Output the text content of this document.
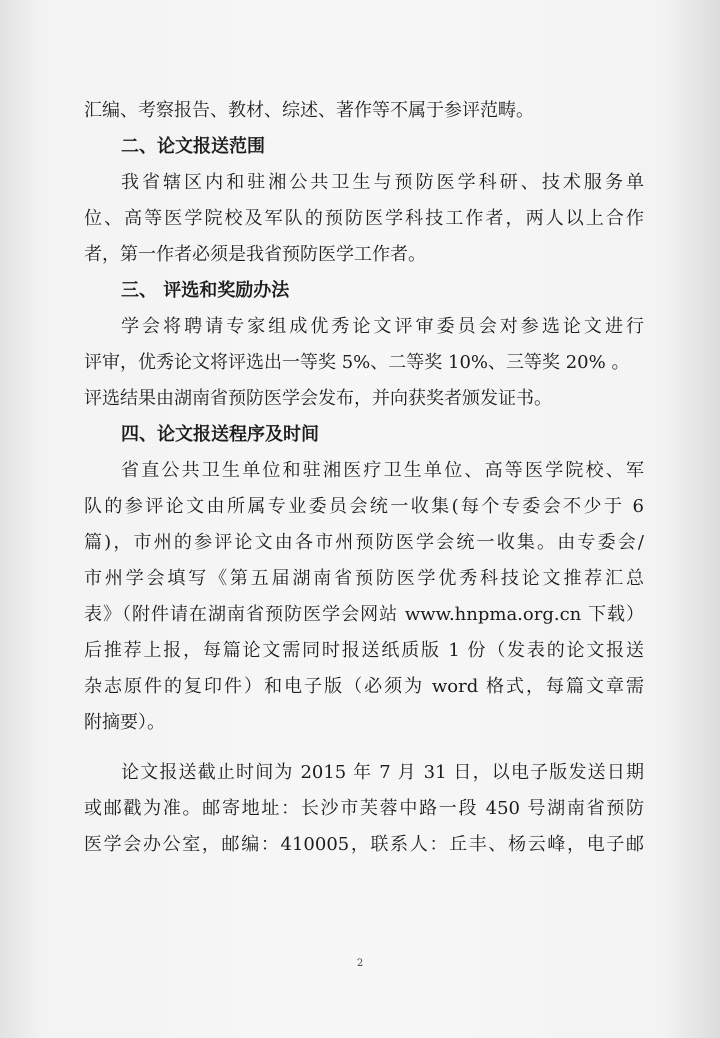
汇编、考察报告、教材、综述、著作等不属于参评范畴。
二、论文报送范围
我省辖区内和驻湘公共卫生与预防医学科研、技术服务单
位、高等医学院校及军队的预防医学科技工作者，两人以上合作
者，第一作者必须是我省预防医学工作者。
三、 评选和奖励办法
学会将聘请专家组成优秀论文评审委员会对参选论文进行
评审，优秀论文将评选出一等奖 5%、二等奖 10%、三等奖 20% 。
评选结果由湖南省预防医学会发布，并向获奖者颁发证书。
四、论文报送程序及时间
省直公共卫生单位和驻湘医疗卫生单位、高等医学院校、军
队的参评论文由所属专业委员会统一收集(每个专委会不少于 6
篇)，市州的参评论文由各市州预防医学会统一收集。由专委会/
市州学会填写《第五届湖南省预防医学优秀科技论文推荐汇总
表》（附件请在湖南省预防医学会网站 www.hnpma.org.cn 下载）
后推荐上报，每篇论文需同时报送纸质版 1 份（发表的论文报送
杂志原件的复印件）和电子版（必须为 word 格式，每篇文章需
附摘要）。
论文报送截止时间为 2015 年 7 月 31 日，以电子版发送日期
或邮戳为准。邮寄地址：长沙市芙蓉中路一段 450 号湖南省预防
医学会办公室，邮编：410005，联系人：丘丰、杨云峰，电子邮
2
